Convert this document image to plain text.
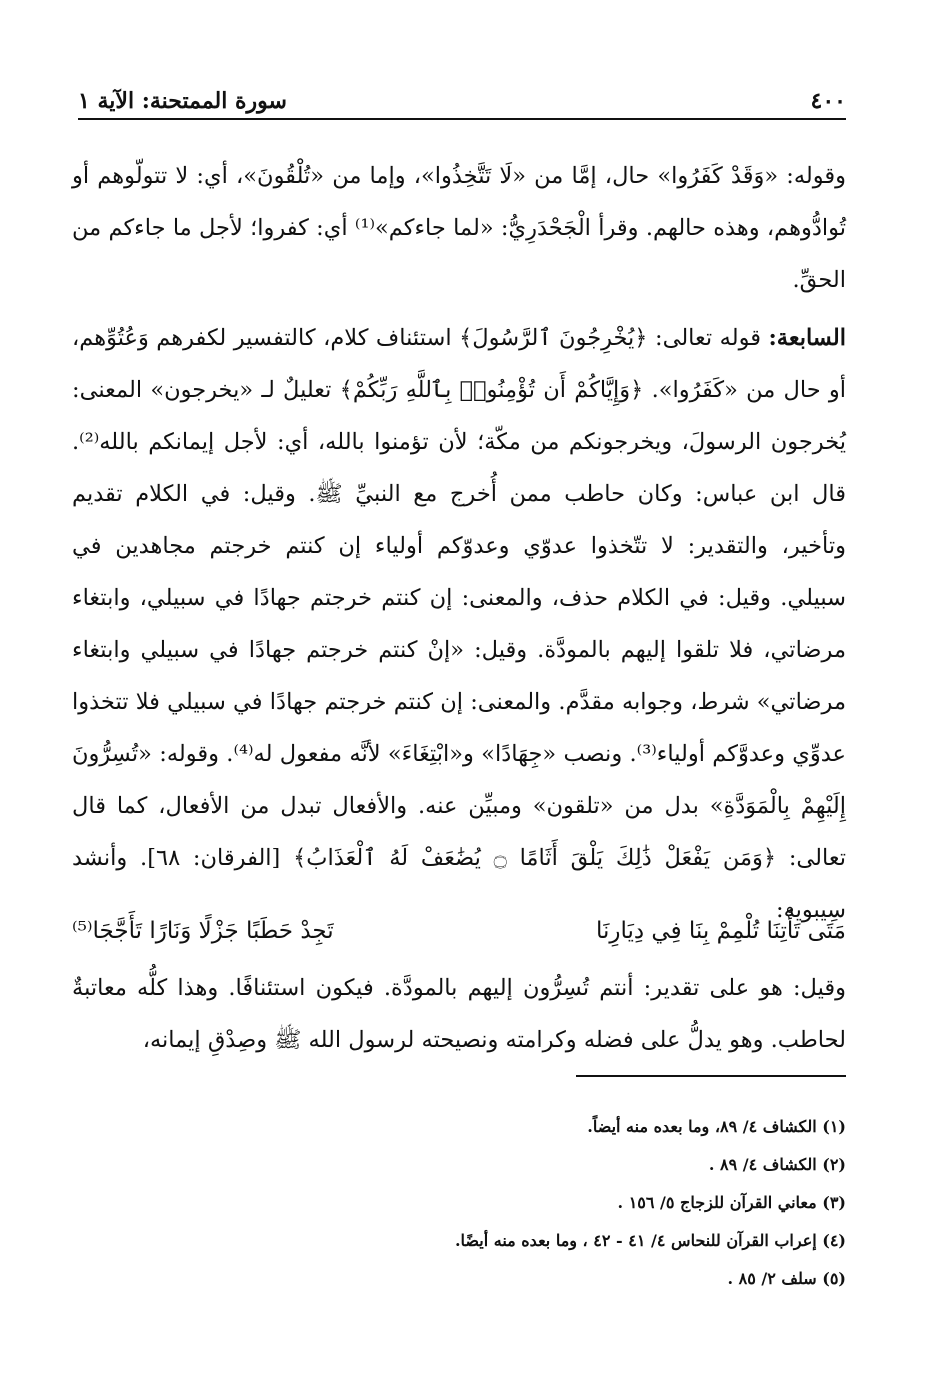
٤٠٠
سورة الممتحنة: الآية ١

وقوله: «وَقَدْ كَفَرُوا» حال، إمَّا من «لَا تَتَّخِذُوا»، وإما من «تُلْقُونَ»، أي: لا تتولّوهم أو تُوادُّوهم، وهذه حالهم. وقرأ الْجَحْدَرِيُّ: «لما جاءكم»⁽¹⁾ أي: كفروا؛ لأجل ما جاءكم من الحقِّ.

السابعة: قوله تعالى: ﴿يُخْرِجُونَ ٱلرَّسُولَ﴾ استئناف كلام، كالتفسير لكفرهم وَعُتُوِّهم، أو حال من «كَفَرُوا». ﴿وَإِيَّاكُمْ أَن تُؤْمِنُوا۟ بِٱللَّهِ رَبِّكُمْ﴾ تعليلٌ لـ «يخرجون» المعنى: يُخرجون الرسولَ، ويخرجونكم من مكّة؛ لأن تؤمنوا بالله، أي: لأجل إيمانكم بالله⁽²⁾. قال ابن عباس: وكان حاطب ممن أُخرج مع النبيِّ ﷺ. وقيل: في الكلام تقديم وتأخير، والتقدير: لا تتّخذوا عدوّي وعدوّكم أولياء إن كنتم خرجتم مجاهدين في سبيلي. وقيل: في الكلام حذف، والمعنى: إن كنتم خرجتم جهادًا في سبيلي، وابتغاء مرضاتي، فلا تلقوا إليهم بالمودَّة. وقيل: «إنْ كنتم خرجتم جهادًا في سبيلي وابتغاء مرضاتي» شرط، وجوابه مقدَّم. والمعنى: إن كنتم خرجتم جهادًا في سبيلي فلا تتخذوا عدوِّي وعدوَّكم أولياء⁽³⁾. ونصب «جِهَادًا» و«ابْتِغَاءَ» لأنَّه مفعول له⁽⁴⁾. وقوله: «تُسِرُّونَ إِلَيْهِمْ بِالْمَوَدَّةِ» بدل من «تلقون» ومبيِّن عنه. والأفعال تبدل من الأفعال، كما قال تعالى: ﴿وَمَن يَفْعَلْ ذَٰلِكَ يَلْقَ أَثَامًا ۝ يُضَٰعَفْ لَهُ ٱلْعَذَابُ﴾ [الفرقان: ٦٨]. وأنشد سِيبويه:

مَتَى تَأْتِنَا تُلْمِمْ بِنَا فِي دِيَارِنَا
تَجِدْ حَطَبًا جَزْلًا وَنَارًا تَأَجَّجَا⁽⁵⁾
وقيل: هو على تقدير: أنتم تُسِرُّون إليهم بالمودَّة. فيكون استئنافًا. وهذا كلُّه معاتبةٌ لحاطب. وهو يدلُّ على فضله وكرامته ونصيحته لرسول الله ﷺ وصِدْقِ إيمانه،
(١) الكشاف ٤/ ٨٩، وما بعده منه أيضاً.
(٢) الكشاف ٤/ ٨٩ .
(٣) معاني القرآن للزجاج ٥/ ١٥٦ .
(٤) إعراب القرآن للنحاس ٤/ ٤١ - ٤٢ ، وما بعده منه أيضًا.
(٥) سلف ٢/ ٨٥ .
